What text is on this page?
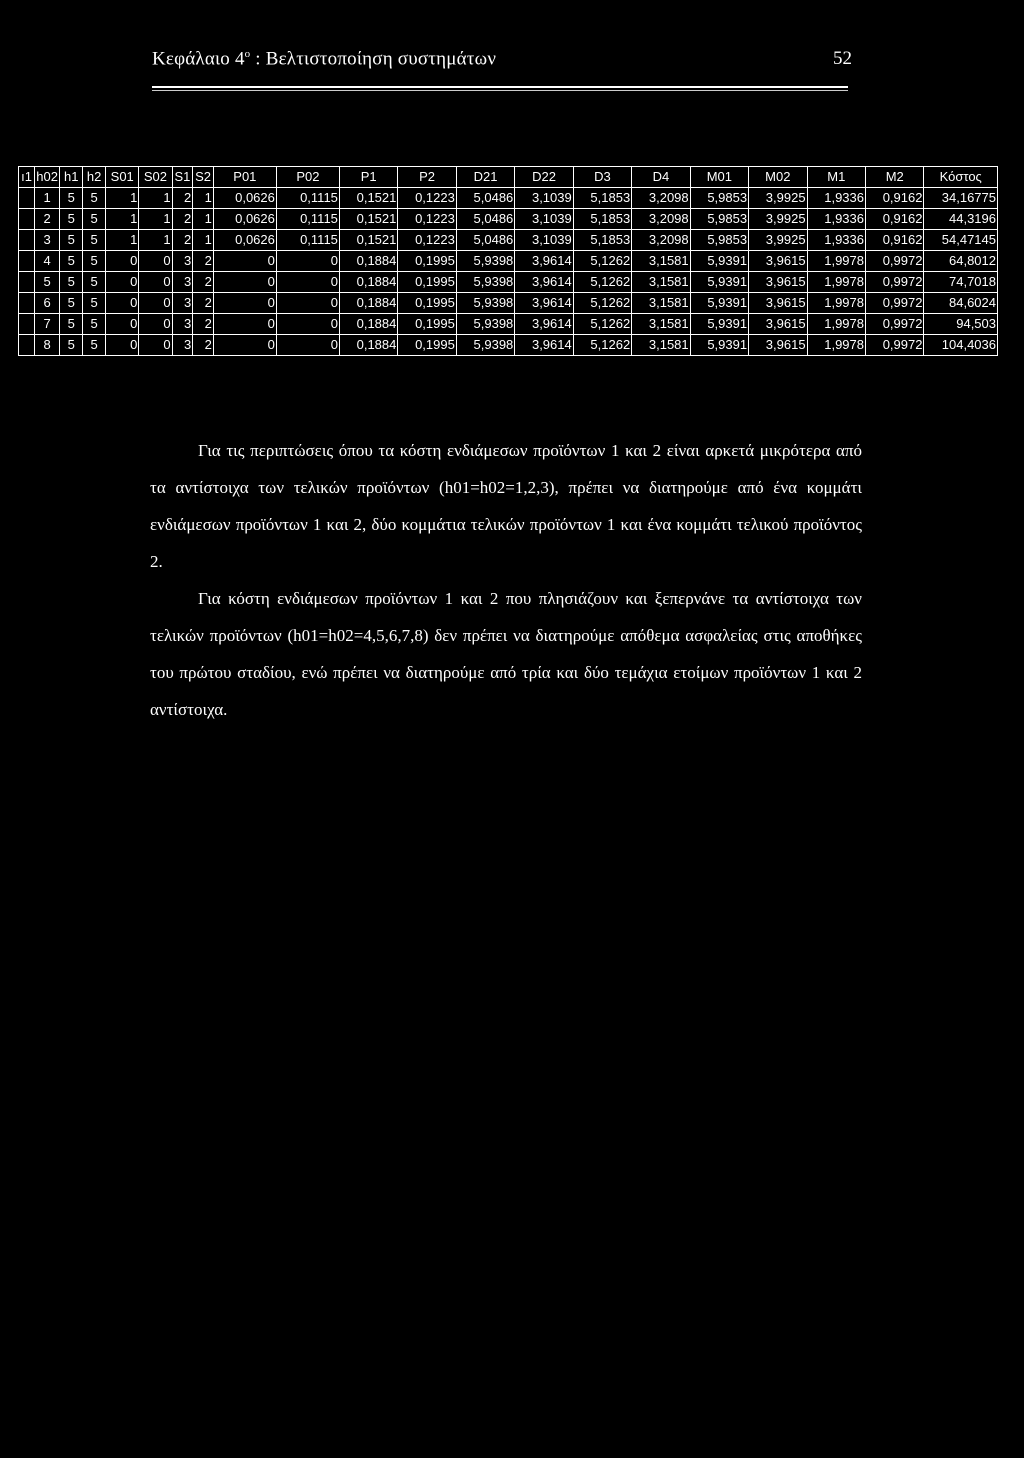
Κεφάλαιο $4^o$ : Βελτιστοποίηση συστημάτων	52
ı1	h02	h1	h2	S01	S02	S1	S2	P01	P02	P1	P2	D21	D22	D3	D4	M01	M02	M1	M2	Κόστος
	1	5	5	1	1	2	1	0,0626	0,1115	0,1521	0,1223	5,0486	3,1039	5,1853	3,2098	5,9853	3,9925	1,9336	0,9162	34,16775
	2	5	5	1	1	2	1	0,0626	0,1115	0,1521	0,1223	5,0486	3,1039	5,1853	3,2098	5,9853	3,9925	1,9336	0,9162	44,3196
	3	5	5	1	1	2	1	0,0626	0,1115	0,1521	0,1223	5,0486	3,1039	5,1853	3,2098	5,9853	3,9925	1,9336	0,9162	54,47145
	4	5	5	0	0	3	2	0	0	0,1884	0,1995	5,9398	3,9614	5,1262	3,1581	5,9391	3,9615	1,9978	0,9972	64,8012
	5	5	5	0	0	3	2	0	0	0,1884	0,1995	5,9398	3,9614	5,1262	3,1581	5,9391	3,9615	1,9978	0,9972	74,7018
	6	5	5	0	0	3	2	0	0	0,1884	0,1995	5,9398	3,9614	5,1262	3,1581	5,9391	3,9615	1,9978	0,9972	84,6024
	7	5	5	0	0	3	2	0	0	0,1884	0,1995	5,9398	3,9614	5,1262	3,1581	5,9391	3,9615	1,9978	0,9972	94,503
	8	5	5	0	0	3	2	0	0	0,1884	0,1995	5,9398	3,9614	5,1262	3,1581	5,9391	3,9615	1,9978	0,9972	104,4036

Για τις περιπτώσεις όπου τα κόστη ενδιάμεσων προϊόντων 1 και 2 είναι αρκετά μικρότερα από τα αντίστοιχα των τελικών προϊόντων (h01=h02=1,2,3), πρέπει να διατηρούμε από ένα κομμάτι ενδιάμεσων προϊόντων 1 και 2, δύο κομμάτια τελικών προϊόντων 1 και ένα κομμάτι τελικού προϊόντος 2.

Για κόστη ενδιάμεσων προϊόντων 1 και 2 που πλησιάζουν και ξεπερνάνε τα αντίστοιχα των τελικών προϊόντων (h01=h02=4,5,6,7,8) δεν πρέπει να διατηρούμε απόθεμα ασφαλείας στις αποθήκες του πρώτου σταδίου, ενώ πρέπει να διατηρούμε από τρία και δύο τεμάχια ετοίμων προϊόντων 1 και 2 αντίστοιχα.
